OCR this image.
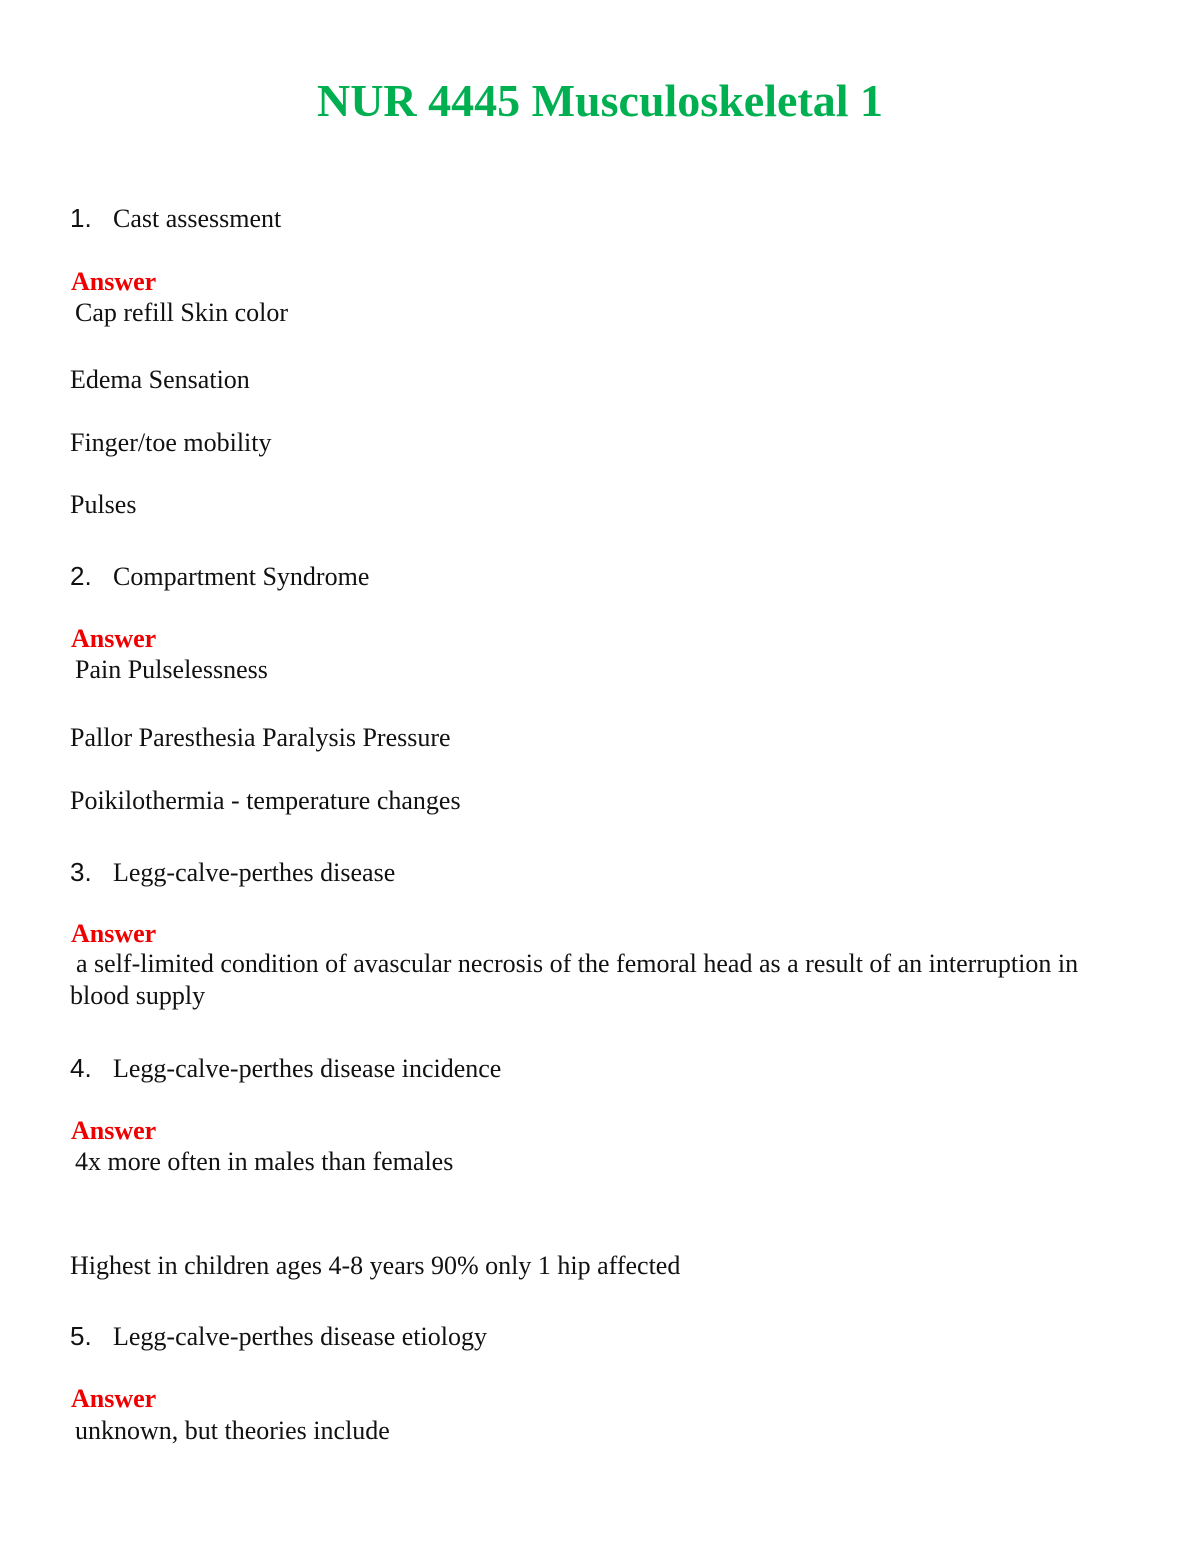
NUR 4445 Musculoskeletal 1
1. Cast assessment
Answer
Cap refill Skin color
Edema Sensation
Finger/toe mobility
Pulses
2. Compartment Syndrome
Answer
Pain Pulselessness
Pallor Paresthesia Paralysis Pressure
Poikilothermia - temperature changes
3. Legg-calve-perthes disease
Answer
a self-limited condition of avascular necrosis of the femoral head as a result of an interruption in blood supply
4. Legg-calve-perthes disease incidence
Answer
4x more often in males than females
Highest in children ages 4-8 years 90% only 1 hip affected
5. Legg-calve-perthes disease etiology
Answer
unknown, but theories include
